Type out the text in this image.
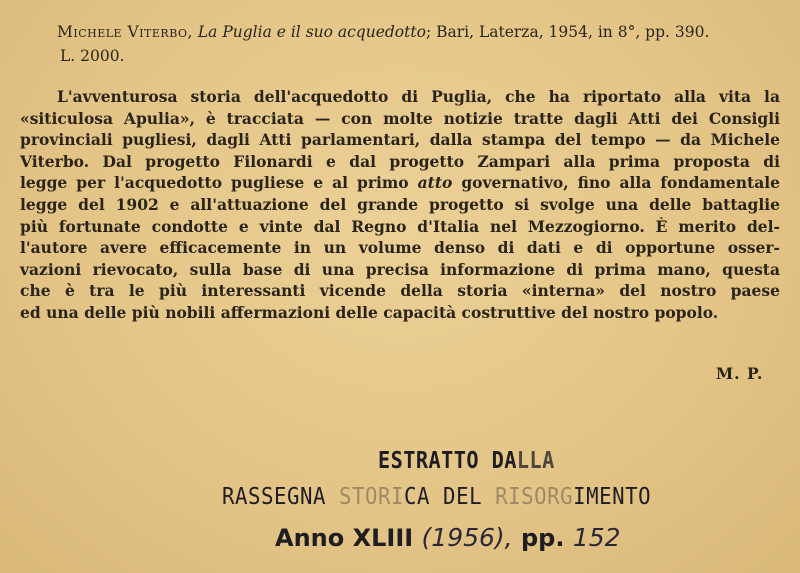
Michele Viterbo, La Puglia e il suo acquedotto; Bari, Laterza, 1954, in 8°, pp. 390.
L. 2000.
L'avventurosa storia dell'acquedotto di Puglia, che ha riportato alla vita la
«siticulosa Apulia», è tracciata — con molte notizie tratte dagli Atti dei Consigli
provinciali pugliesi, dagli Atti parlamentari, dalla stampa del tempo — da Michele
Viterbo. Dal progetto Filonardi e dal progetto Zampari alla prima proposta di
legge per l'acquedotto pugliese e al primo atto governativo, fino alla fondamentale
legge del 1902 e all'attuazione del grande progetto si svolge una delle battaglie
più fortunate condotte e vinte dal Regno d'Italia nel Mezzogiorno. È merito del-
l'autore avere efficacemente in un volume denso di dati e di opportune osser-
vazioni rievocato, sulla base di una precisa informazione di prima mano, questa
che è tra le più interessanti vicende della storia «interna» del nostro paese
ed una delle più nobili affermazioni delle capacità costruttive del nostro popolo.
M. P.
ESTRATTO DALLA
RASSEGNA STORICA DEL RISORGIMENTO
Anno XLIII (1956), pp. 152
